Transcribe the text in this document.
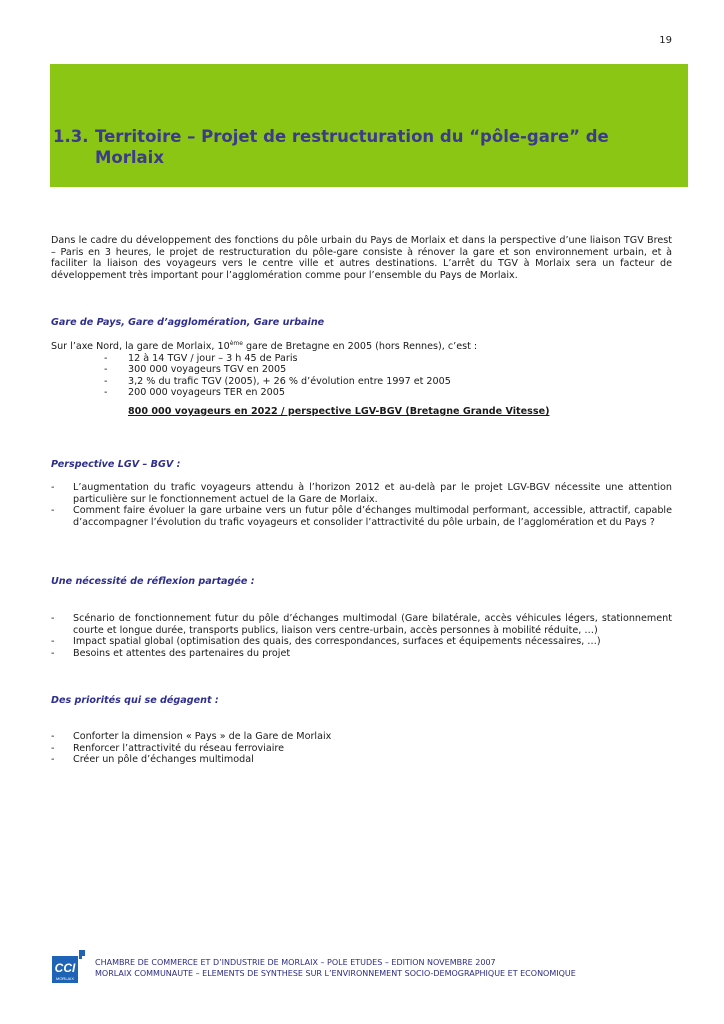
19
1.3. Territoire – Projet de restructuration du “pôle-gare” de
Morlaix
Dans le cadre du développement des fonctions du pôle urbain du Pays de Morlaix et dans la perspective d’une liaison TGV Brest – Paris en 3 heures, le projet de restructuration du pôle-gare consiste à rénover la gare et son environnement urbain, et à faciliter la liaison des voyageurs vers le centre ville et autres destinations. L’arrêt du TGV à Morlaix sera un facteur de développement très important pour l’agglomération comme pour l’ensemble du Pays de Morlaix.
Gare de Pays, Gare d’agglomération, Gare urbaine
Sur l’axe Nord, la gare de Morlaix, 10ème gare de Bretagne en 2005 (hors Rennes), c’est :
- 12 à 14 TGV / jour – 3 h 45 de Paris
- 300 000 voyageurs TGV en 2005
- 3,2 % du trafic TGV (2005), + 26 % d’évolution entre 1997 et 2005
- 200 000 voyageurs TER en 2005
800 000 voyageurs en 2022 / perspective LGV-BGV (Bretagne Grande Vitesse)
Perspective LGV – BGV :
- L’augmentation du trafic voyageurs attendu à l’horizon 2012 et au-delà par le projet LGV-BGV nécessite une attention particulière sur le fonctionnement actuel de la Gare de Morlaix.
- Comment faire évoluer la gare urbaine vers un futur pôle d’échanges multimodal performant, accessible, attractif, capable d’accompagner l’évolution du trafic voyageurs et consolider l’attractivité du pôle urbain, de l’agglomération et du Pays ?
Une nécessité de réflexion partagée :
- Scénario de fonctionnement futur du pôle d’échanges multimodal (Gare bilatérale, accès véhicules légers, stationnement courte et longue durée, transports publics, liaison vers centre-urbain, accès personnes à mobilité réduite, …)
- Impact spatial global (optimisation des quais, des correspondances, surfaces et équipements nécessaires, …)
- Besoins et attentes des partenaires du projet
Des priorités qui se dégagent :
- Conforter la dimension « Pays » de la Gare de Morlaix
- Renforcer l’attractivité du réseau ferroviaire
- Créer un pôle d’échanges multimodal
CCI
MORLAIX
CHAMBRE DE COMMERCE ET D’INDUSTRIE DE MORLAIX – POLE ETUDES – EDITION NOVEMBRE 2007
MORLAIX COMMUNAUTE – ELEMENTS DE SYNTHESE SUR L’ENVIRONNEMENT SOCIO-DEMOGRAPHIQUE ET ECONOMIQUE
